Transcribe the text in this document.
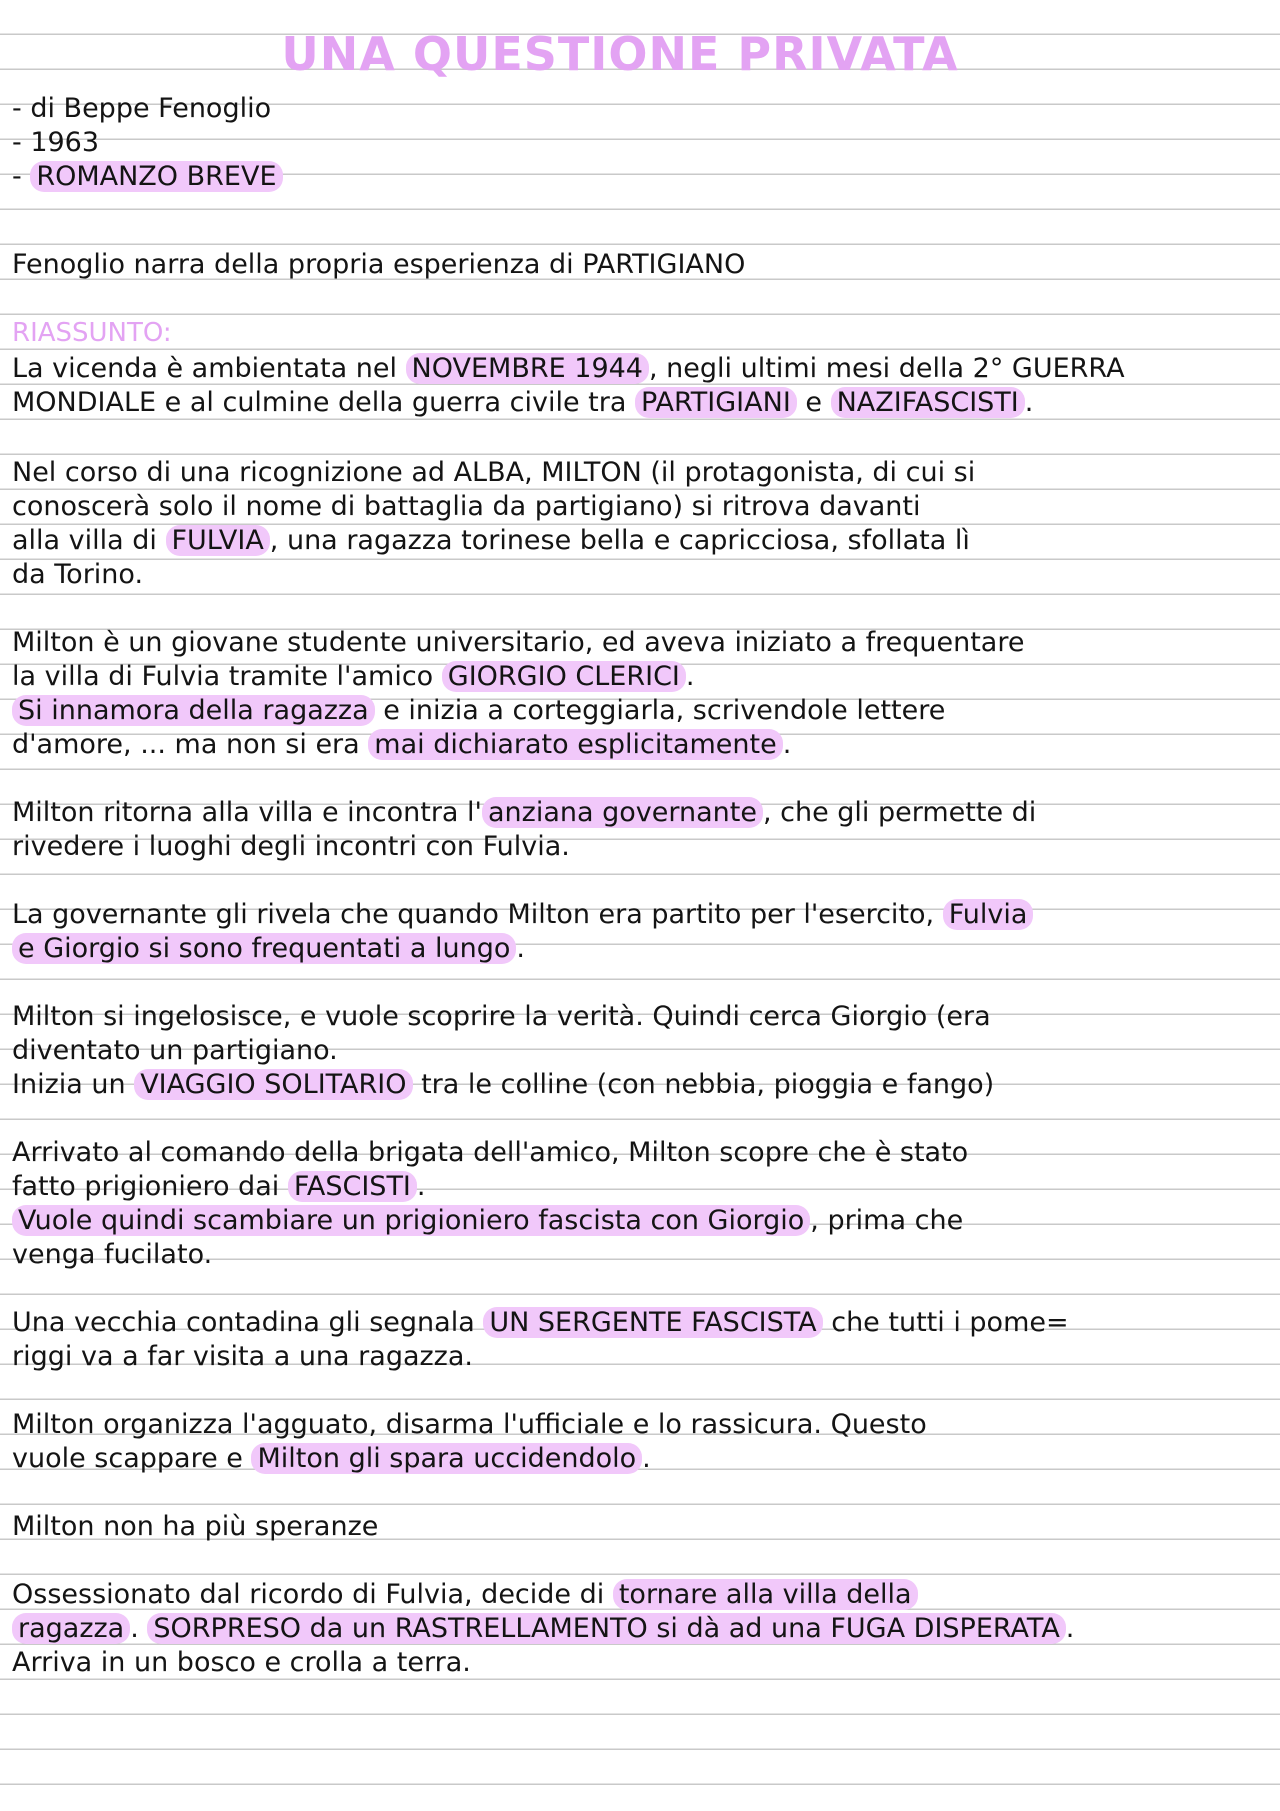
UNA QUESTIONE PRIVATA
- di Beppe Fenoglio
- 1963
- ROMANZO BREVE
Fenoglio narra della propria esperienza di PARTIGIANO
RIASSUNTO:
La vicenda è ambientata nel NOVEMBRE 1944 , negli ultimi mesi della 2° GUERRA
MONDIALE e al culmine della guerra civile tra PARTIGIANI e NAZIFASCISTI .
Nel corso di una ricognizione ad ALBA, MILTON (il protagonista, di cui si
conoscerà solo il nome di battaglia da partigiano) si ritrova davanti
alla villa di FULVIA , una ragazza torinese bella e capricciosa, sfollata lì
da Torino.
Milton è un giovane studente universitario, ed aveva iniziato a frequentare
la villa di Fulvia tramite l'amico GIORGIO CLERICI .
Si innamora della ragazza e inizia a corteggiarla, scrivendole lettere
d'amore, ... ma non si era mai dichiarato esplicitamente .
Milton ritorna alla villa e incontra l' anziana governante , che gli permette di
rivedere i luoghi degli incontri con Fulvia.
La governante gli rivela che quando Milton era partito per l'esercito, Fulvia
e Giorgio si sono frequentati a lungo .
Milton si ingelosisce, e vuole scoprire la verità. Quindi cerca Giorgio (era
diventato un partigiano.
Inizia un VIAGGIO SOLITARIO tra le colline (con nebbia, pioggia e fango)
Arrivato al comando della brigata dell'amico, Milton scopre che è stato
fatto prigioniero dai FASCISTI .
Vuole quindi scambiare un prigioniero fascista con Giorgio , prima che
venga fucilato.
Una vecchia contadina gli segnala UN SERGENTE FASCISTA che tutti i pome=
riggi va a far visita a una ragazza.
Milton organizza l'agguato, disarma l'ufficiale e lo rassicura. Questo
vuole scappare e Milton gli spara uccidendolo .
Milton non ha più speranze
Ossessionato dal ricordo di Fulvia, decide di tornare alla villa della
ragazza . SORPRESO da un RASTRELLAMENTO si dà ad una FUGA DISPERATA .
Arriva in un bosco e crolla a terra.
